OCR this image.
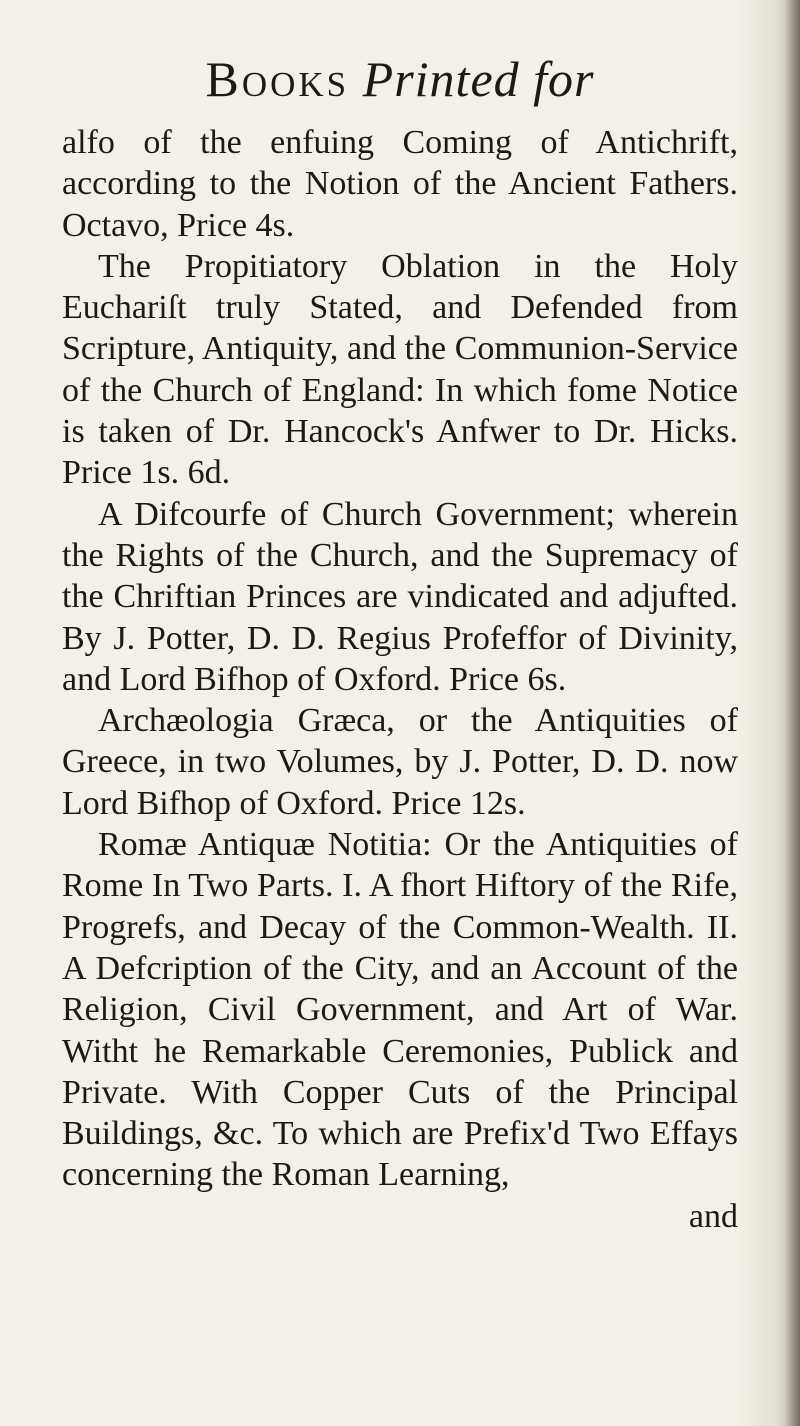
Books Printed for
alfo of the enfuing Coming of Antichrift, according to the Notion of the Ancient Fathers. Octavo, Price 4s.
The Propitiatory Oblation in the Holy Euchariſt truly Stated, and Defended from Scripture, Antiquity, and the Communion-Service of the Church of England: In which fome Notice is taken of Dr. Hancock's Anfwer to Dr. Hicks. Price 1s. 6d.
A Difcourfe of Church Government; wherein the Rights of the Church, and the Supremacy of the Chriftian Princes are vindicated and adjufted. By J. Potter, D. D. Regius Profeffor of Divinity, and Lord Bifhop of Oxford. Price 6s.
Archæologia Græca, or the Antiquities of Greece, in two Volumes, by J. Potter, D. D. now Lord Bifhop of Oxford. Price 12s.
Romæ Antiquæ Notitia: Or the Antiquities of Rome In Two Parts. I. A fhort Hiftory of the Rife, Progrefs, and Decay of the Common-Wealth. II. A Defcription of the City, and an Account of the Religion, Civil Government, and Art of War. Witht he Remarkable Ceremonies, Publick and Private. With Copper Cuts of the Principal Buildings, &c. To which are Prefix'd Two Effays concerning the Roman Learning,
and
